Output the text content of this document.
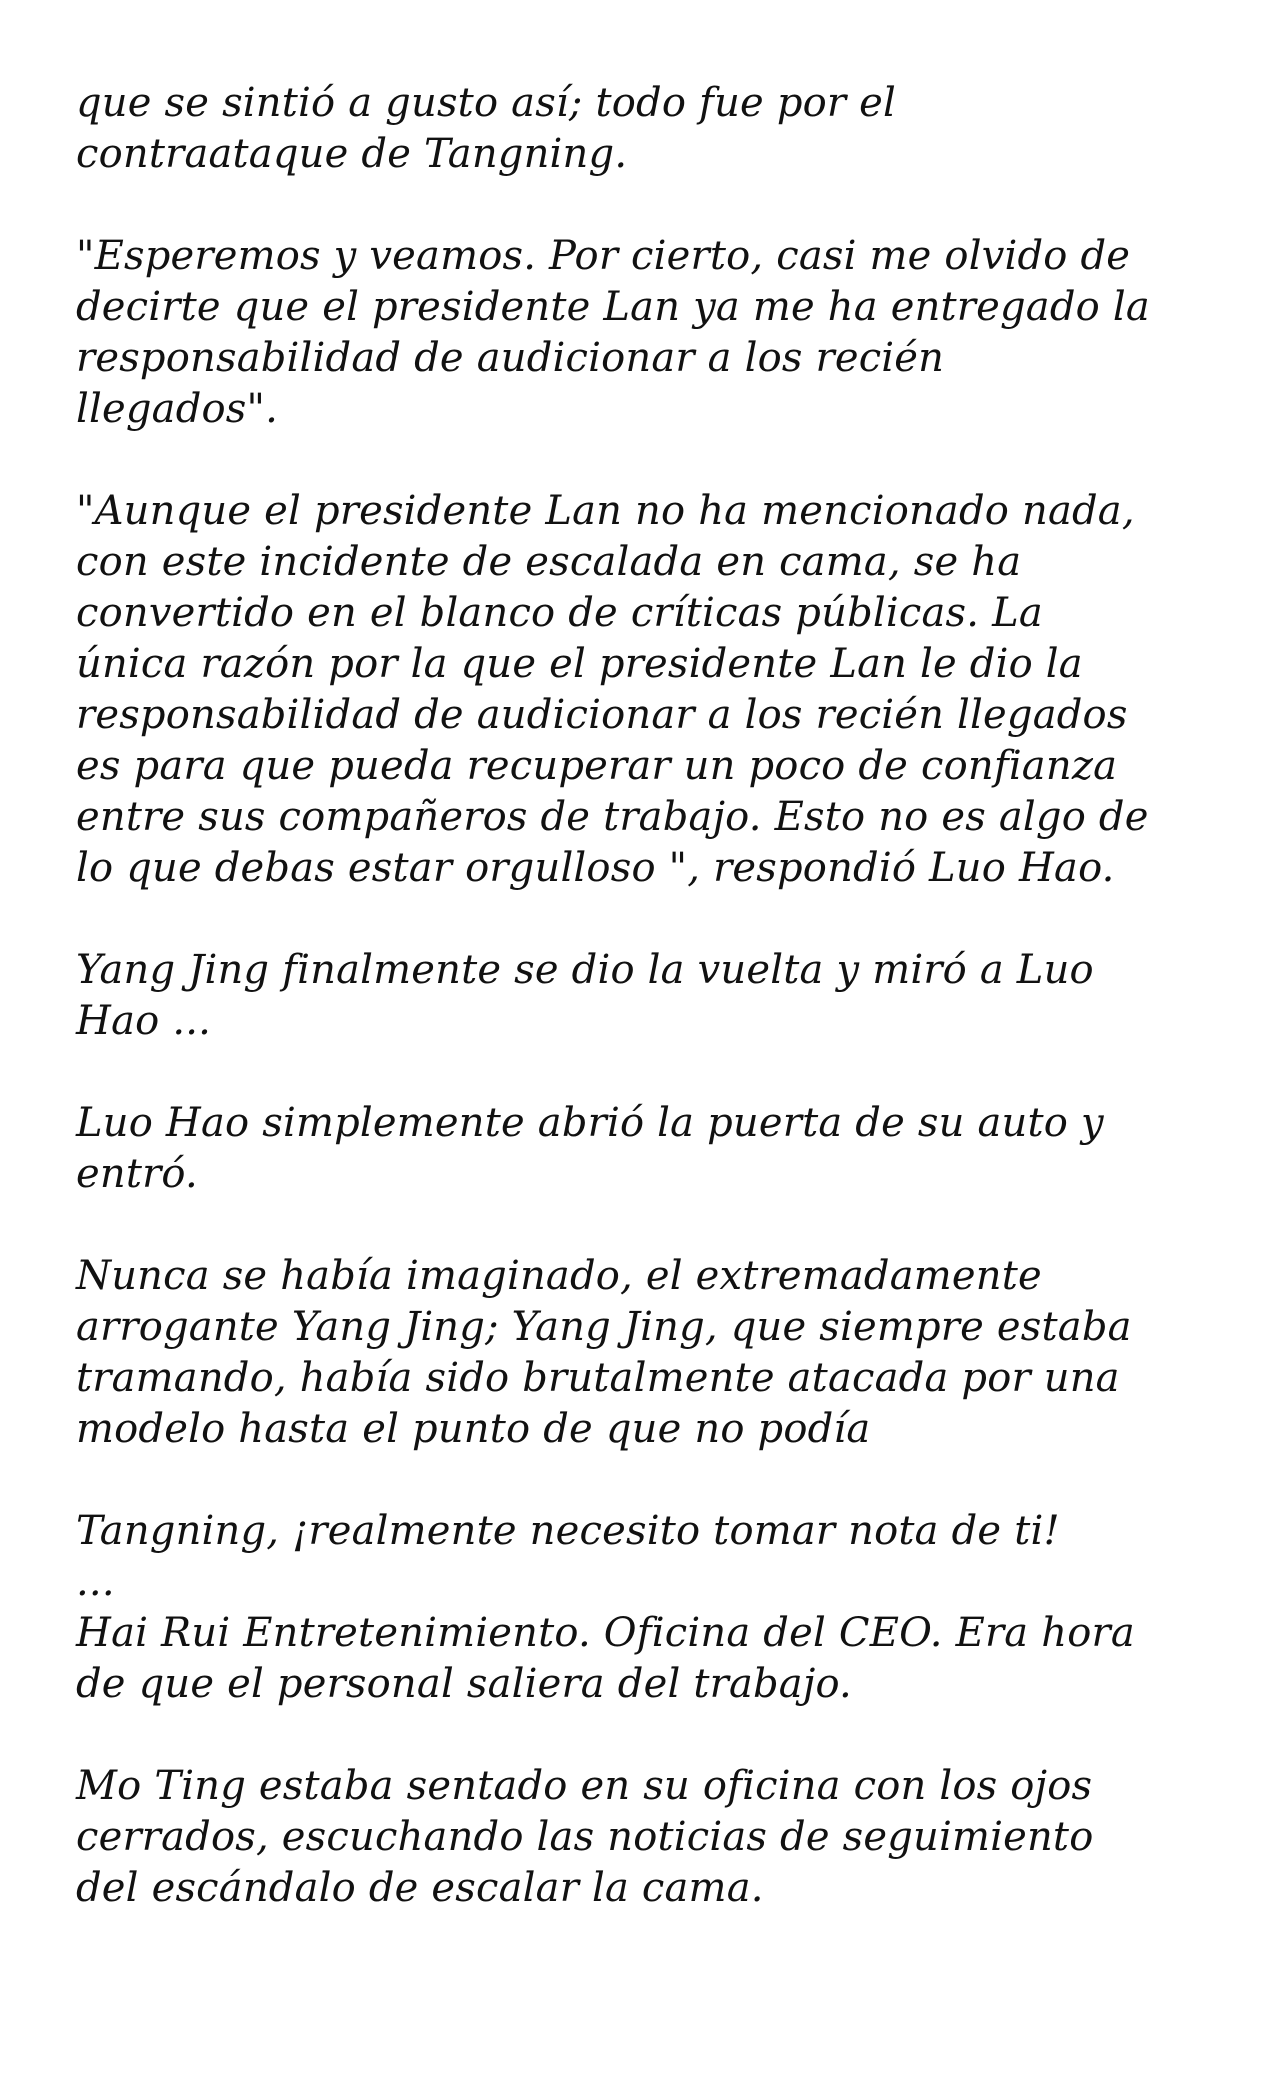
que se sintió a gusto así; todo fue por el
contraataque de Tangning.

"Esperemos y veamos. Por cierto, casi me olvido de
decirte que el presidente Lan ya me ha entregado la
responsabilidad de audicionar a los recién
llegados".

"Aunque el presidente Lan no ha mencionado nada,
con este incidente de escalada en cama, se ha
convertido en el blanco de críticas públicas. La
única razón por la que el presidente Lan le dio la
responsabilidad de audicionar a los recién llegados
es para que pueda recuperar un poco de confianza
entre sus compañeros de trabajo. Esto no es algo de
lo que debas estar orgulloso ", respondió Luo Hao.

Yang Jing finalmente se dio la vuelta y miró a Luo
Hao ...

Luo Hao simplemente abrió la puerta de su auto y
entró.

Nunca se había imaginado, el extremadamente
arrogante Yang Jing; Yang Jing, que siempre estaba
tramando, había sido brutalmente atacada por una
modelo hasta el punto de que no podía

Tangning, ¡realmente necesito tomar nota de ti!

...

Hai Rui Entretenimiento. Oficina del CEO. Era hora
de que el personal saliera del trabajo.

Mo Ting estaba sentado en su oficina con los ojos
cerrados, escuchando las noticias de seguimiento
del escándalo de escalar la cama.
